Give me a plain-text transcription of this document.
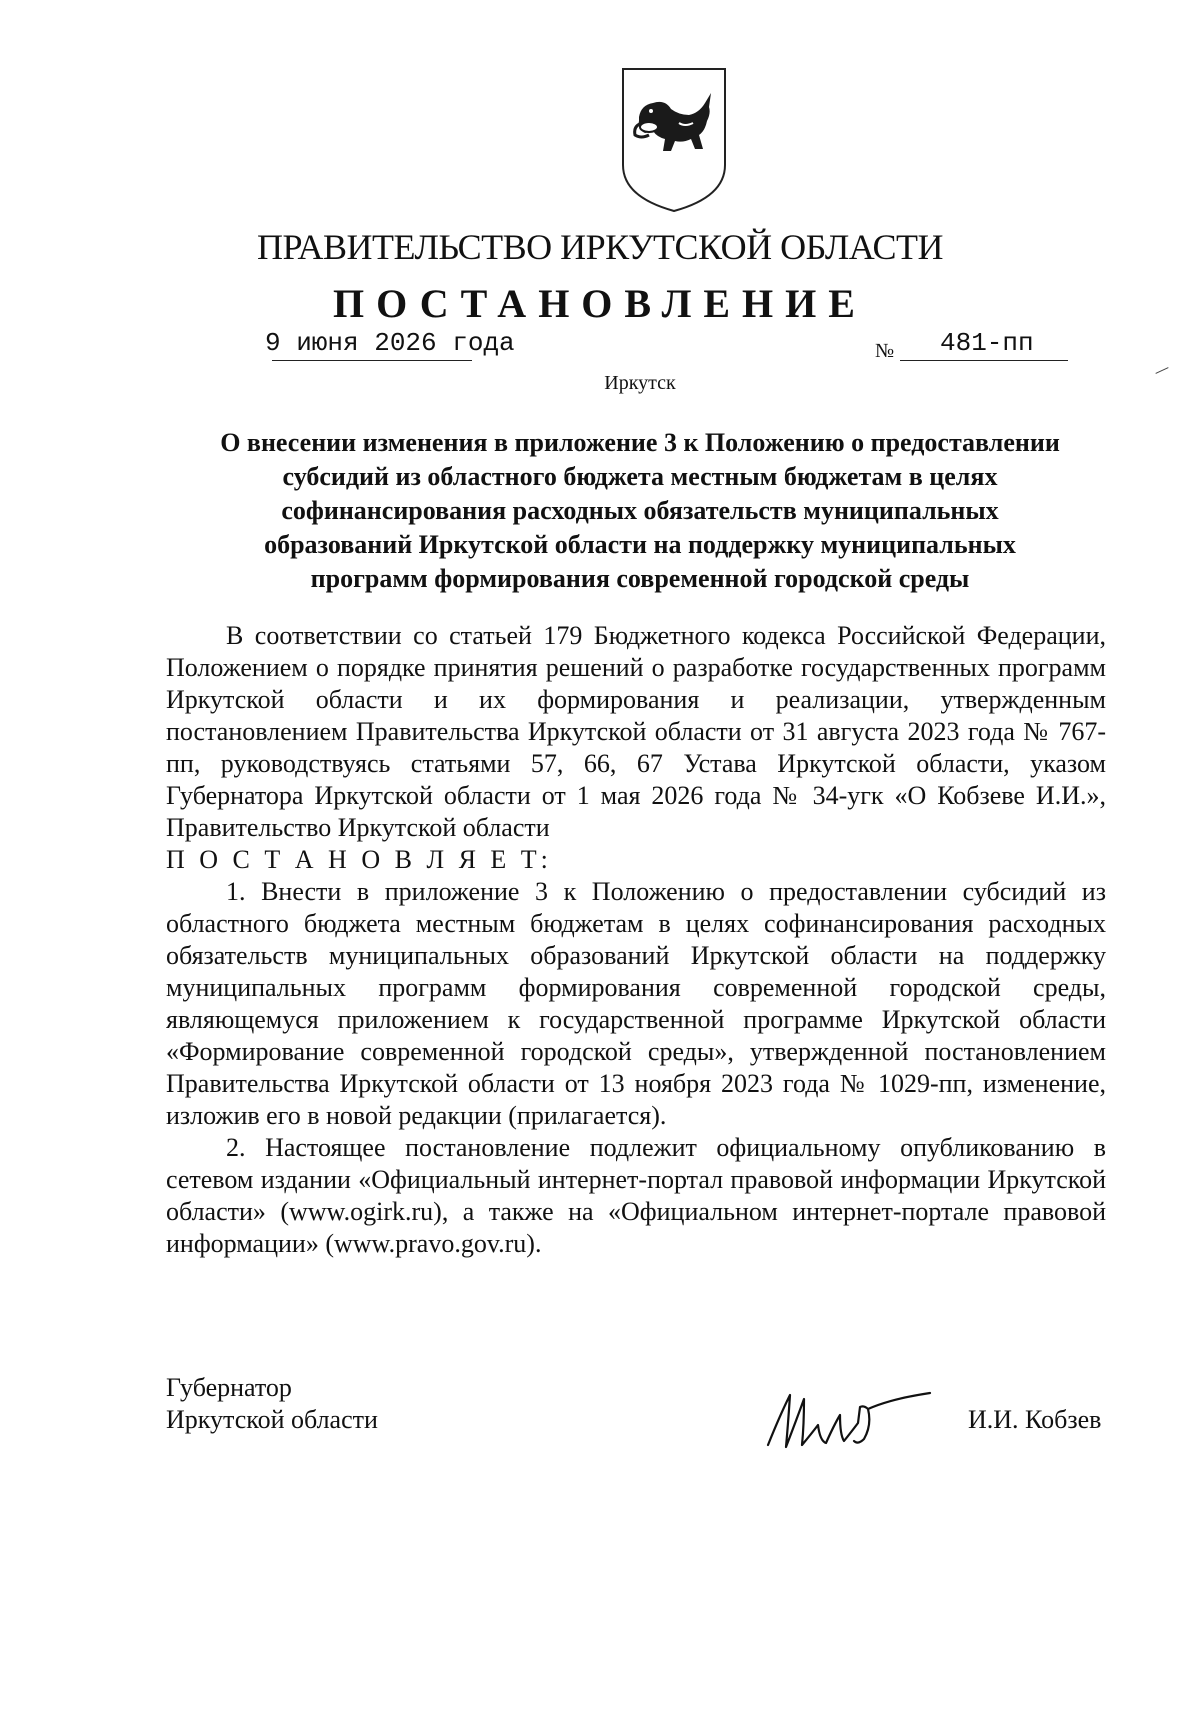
ПРАВИТЕЛЬСТВО ИРКУТСКОЙ ОБЛАСТИ
ПОСТАНОВЛЕНИЕ
9 июня 2026 года	№ 481-пп
Иркутск
О внесении изменения в приложение 3 к Положению о предоставлении
субсидий из областного бюджета местным бюджетам в целях
софинансирования расходных обязательств муниципальных
образований Иркутской области на поддержку муниципальных
программ формирования современной городской среды

В соответствии со статьей 179 Бюджетного кодекса Российской Федерации, Положением о порядке принятия решений о разработке государственных программ Иркутской области и их формирования и реализации, утвержденным постановлением Правительства Иркутской области от 31 августа 2023 года № 767-пп, руководствуясь статьями 57, 66, 67 Устава Иркутской области, указом Губернатора Иркутской области от 1 мая 2026 года № 34-угк «О Кобзеве И.И.», Правительство Иркутской области

П О С Т А Н О В Л Я Е Т:

1. Внести в приложение 3 к Положению о предоставлении субсидий из областного бюджета местным бюджетам в целях софинансирования расходных обязательств муниципальных образований Иркутской области на поддержку муниципальных программ формирования современной городской среды, являющемуся приложением к государственной программе Иркутской области «Формирование современной городской среды», утвержденной постановлением Правительства Иркутской области от 13 ноября 2023 года № 1029-пп, изменение, изложив его в новой редакции (прилагается).

2. Настоящее постановление подлежит официальному опубликованию в сетевом издании «Официальный интернет-портал правовой информации Иркутской области» (www.ogirk.ru), а также на «Официальном интернет-портале правовой информации» (www.pravo.gov.ru).

Губернатор
Иркутской области	И.И. Кобзев
